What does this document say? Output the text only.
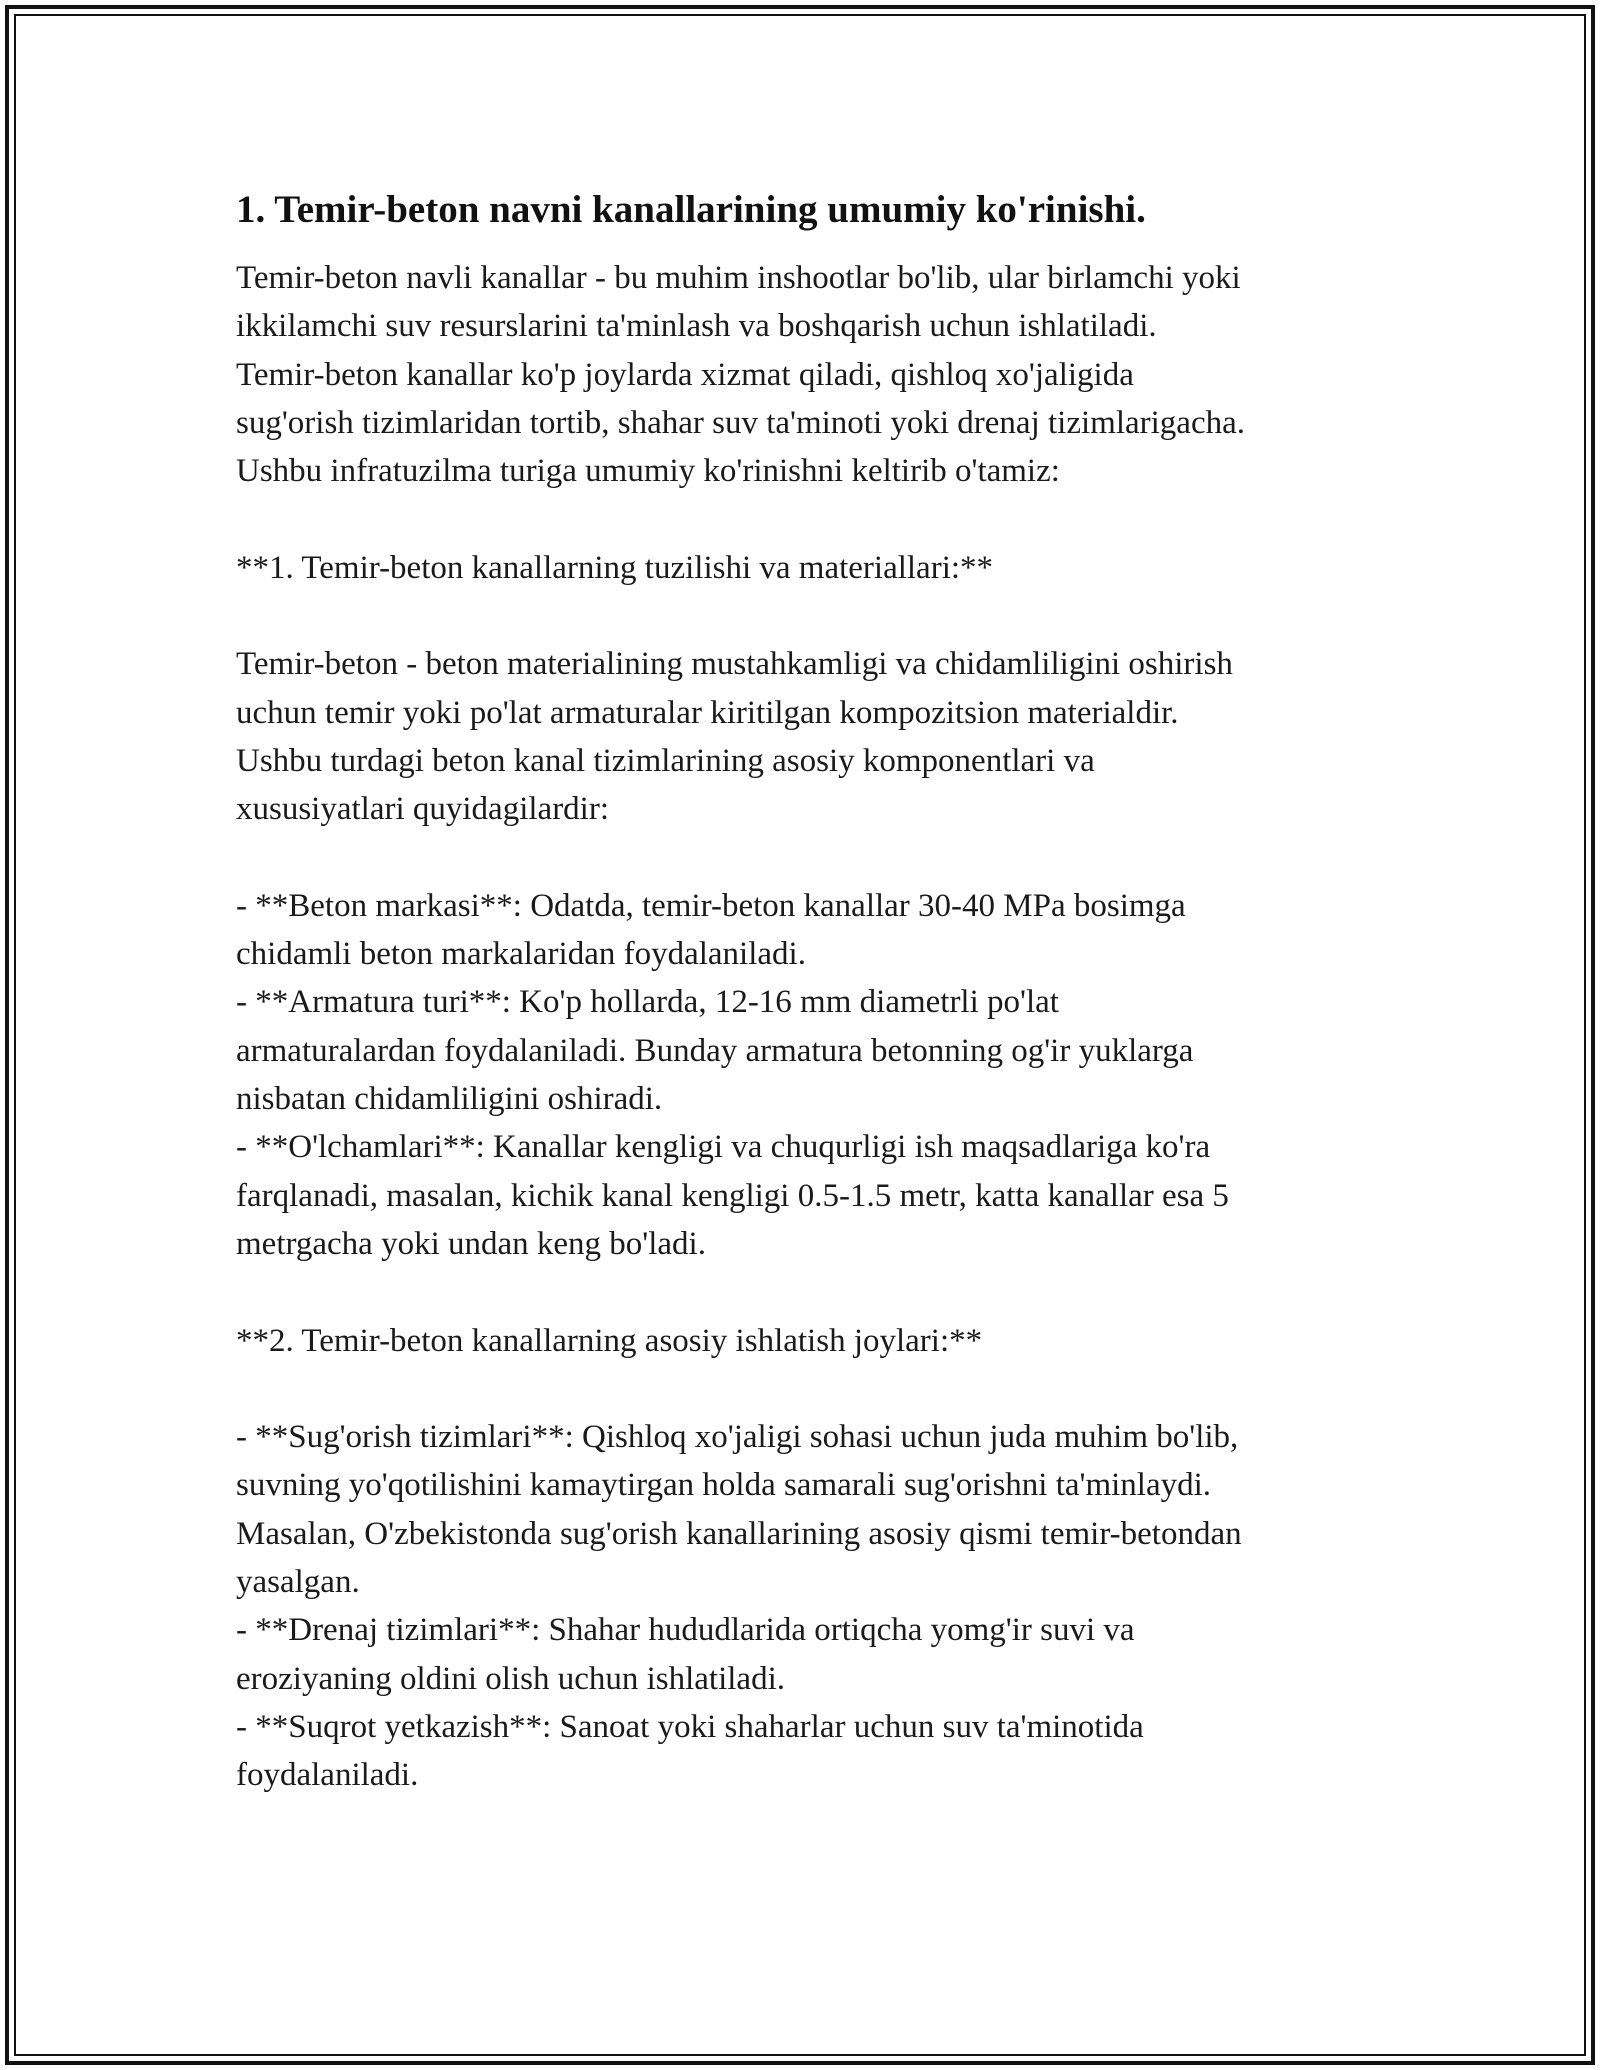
1. Temir-beton navni kanallarining umumiy ko'rinishi.

Temir-beton navli kanallar - bu muhim inshootlar bo'lib, ular birlamchi yoki
ikkilamchi suv resurslarini ta'minlash va boshqarish uchun ishlatiladi.
Temir-beton kanallar ko'p joylarda xizmat qiladi, qishloq xo'jaligida
sug'orish tizimlaridan tortib, shahar suv ta'minoti yoki drenaj tizimlarigacha.
Ushbu infratuzilma turiga umumiy ko'rinishni keltirib o'tamiz:

**1. Temir-beton kanallarning tuzilishi va materiallari:**

Temir-beton - beton materialining mustahkamligi va chidamliligini oshirish
uchun temir yoki po'lat armaturalar kiritilgan kompozitsion materialdir.
Ushbu turdagi beton kanal tizimlarining asosiy komponentlari va
xususiyatlari quyidagilardir:

- **Beton markasi**: Odatda, temir-beton kanallar 30-40 MPa bosimga
chidamli beton markalaridan foydalaniladi.
- **Armatura turi**: Ko'p hollarda, 12-16 mm diametrli po'lat
armaturalardan foydalaniladi. Bunday armatura betonning og'ir yuklarga
nisbatan chidamliligini oshiradi.
- **O'lchamlari**: Kanallar kengligi va chuqurligi ish maqsadlariga ko'ra
farqlanadi, masalan, kichik kanal kengligi 0.5-1.5 metr, katta kanallar esa 5
metrgacha yoki undan keng bo'ladi.

**2. Temir-beton kanallarning asosiy ishlatish joylari:**

- **Sug'orish tizimlari**: Qishloq xo'jaligi sohasi uchun juda muhim bo'lib,
suvning yo'qotilishini kamaytirgan holda samarali sug'orishni ta'minlaydi.
Masalan, O'zbekistonda sug'orish kanallarining asosiy qismi temir-betondan
yasalgan.
- **Drenaj tizimlari**: Shahar hududlarida ortiqcha yomg'ir suvi va
eroziyaning oldini olish uchun ishlatiladi.
- **Suqrot yetkazish**: Sanoat yoki shaharlar uchun suv ta'minotida
foydalaniladi.
